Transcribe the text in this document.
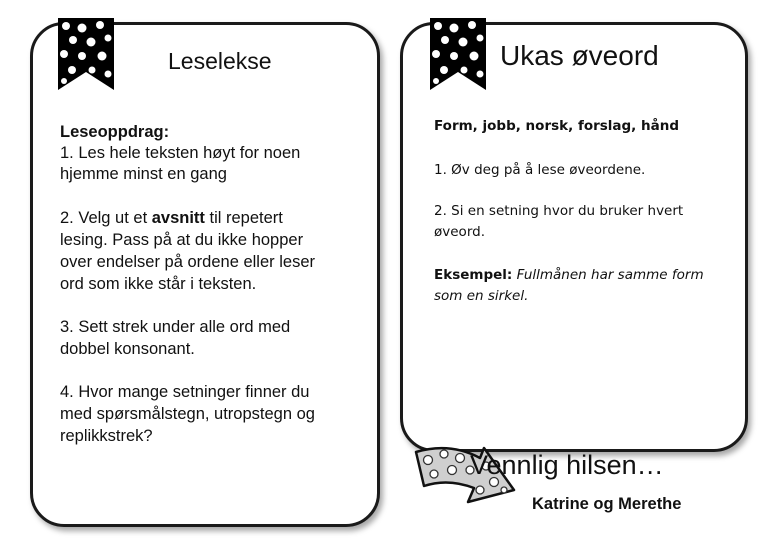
Leselekse
Leseoppdrag:
1. Les hele teksten høyt for noen
hjemme minst en gang
2. Velg ut et avsnitt til repetert
lesing. Pass på at du ikke hopper
over endelser på ordene eller leser
ord som ikke står i teksten.
3. Sett strek under alle ord med
dobbel konsonant.
4. Hvor mange setninger finner du
med spørsmålstegn, utropstegn og
replikkstrek?
Ukas øveord
Form, jobb, norsk, forslag, hånd
1. Øv deg på å lese øveordene.
2. Si en setning hvor du bruker hvert
øveord.
Eksempel: Fullmånen har samme form
som en sirkel.
Vennlig hilsen…
Katrine og Merethe
